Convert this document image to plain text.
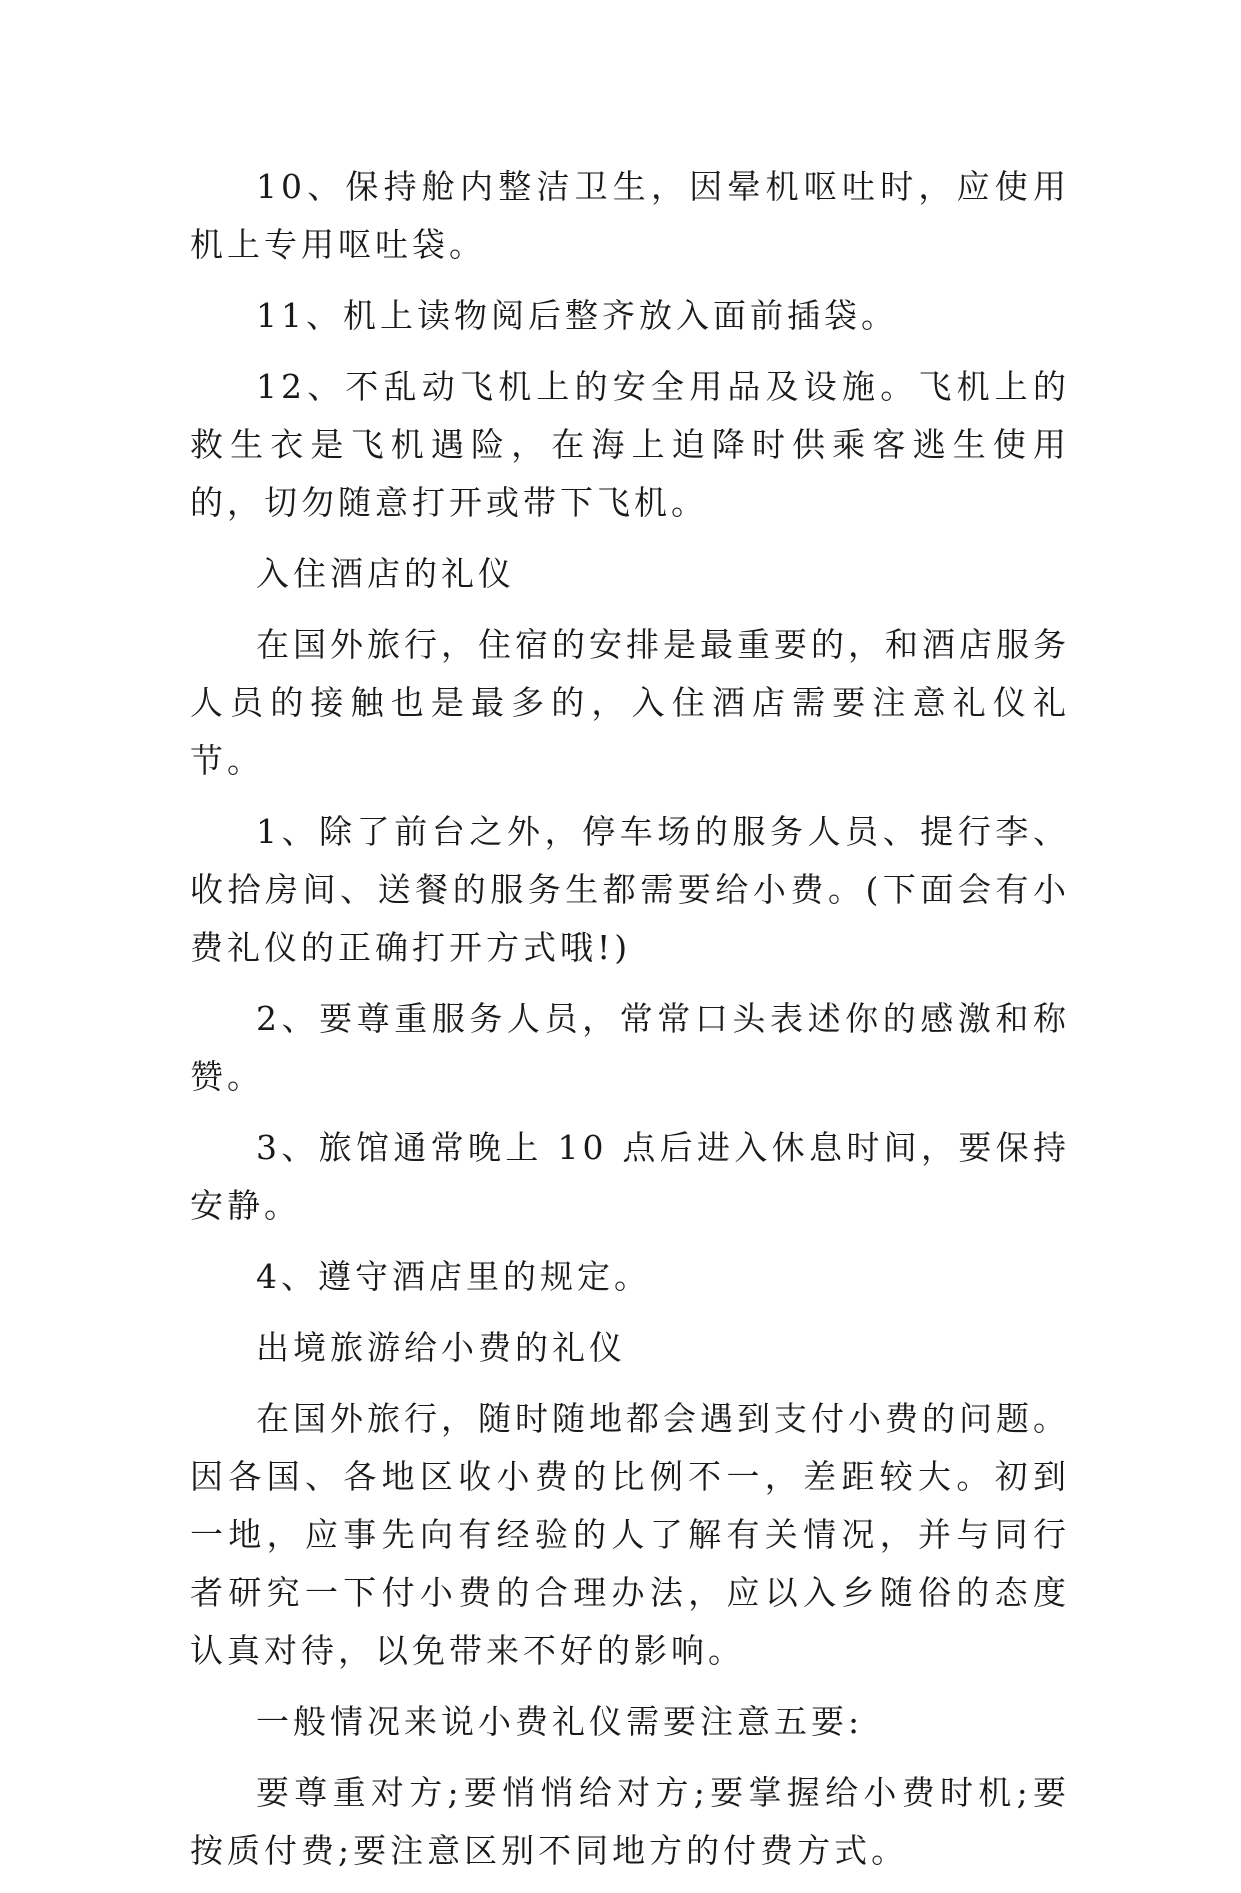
10、保持舱内整洁卫生，因晕机呕吐时，应使用机上专用呕吐袋。

11、机上读物阅后整齐放入面前插袋。

12、不乱动飞机上的安全用品及设施。飞机上的救生衣是飞机遇险，在海上迫降时供乘客逃生使用的，切勿随意打开或带下飞机。

入住酒店的礼仪

在国外旅行，住宿的安排是最重要的，和酒店服务人员的接触也是最多的，入住酒店需要注意礼仪礼节。

1、除了前台之外，停车场的服务人员、提行李、收拾房间、送餐的服务生都需要给小费。(下面会有小费礼仪的正确打开方式哦!)

2、要尊重服务人员，常常口头表述你的感激和称赞。

3、旅馆通常晚上 10 点后进入休息时间，要保持安静。

4、遵守酒店里的规定。

出境旅游给小费的礼仪

在国外旅行，随时随地都会遇到支付小费的问题。因各国、各地区收小费的比例不一，差距较大。初到一地，应事先向有经验的人了解有关情况，并与同行者研究一下付小费的合理办法，应以入乡随俗的态度认真对待，以免带来不好的影响。

一般情况来说小费礼仪需要注意五要:

要尊重对方;要悄悄给对方;要掌握给小费时机;要按质付费;要注意区别不同地方的付费方式。
